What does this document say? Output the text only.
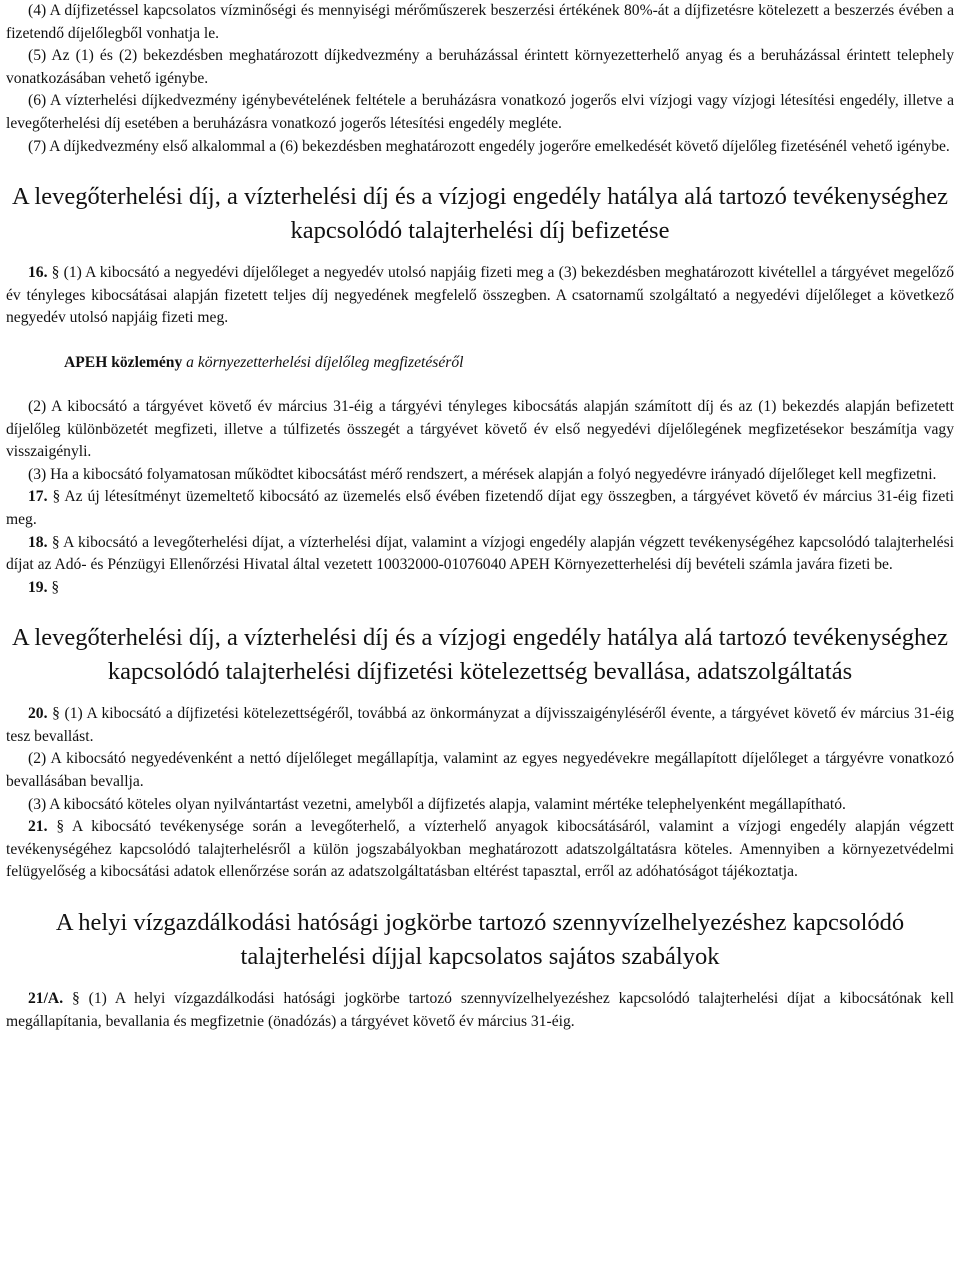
(4) A díjfizetéssel kapcsolatos vízminőségi és mennyiségi mérőműszerek beszerzési értékének 80%-át a díjfizetésre kötelezett a beszerzés évében a fizetendő díjelőlegből vonhatja le.

(5) Az (1) és (2) bekezdésben meghatározott díjkedvezmény a beruházással érintett környezetterhelő anyag és a beruházással érintett telephely vonatkozásában vehető igénybe.

(6) A vízterhelési díjkedvezmény igénybevételének feltétele a beruházásra vonatkozó jogerős elvi vízjogi vagy vízjogi létesítési engedély, illetve a levegőterhelési díj esetében a beruházásra vonatkozó jogerős létesítési engedély megléte.

(7) A díjkedvezmény első alkalommal a (6) bekezdésben meghatározott engedély jogerőre emelkedését követő díjelőleg fizetésénél vehető igénybe.

A levegőterhelési díj, a vízterhelési díj és a vízjogi engedély hatálya alá tartozó tevékenységhez kapcsolódó talajterhelési díj befizetése

16. § (1) A kibocsátó a negyedévi díjelőleget a negyedév utolsó napjáig fizeti meg a (3) bekezdésben meghatározott kivétellel a tárgyévet megelőző év tényleges kibocsátásai alapján fizetett teljes díj negyedének megfelelő összegben. A csatornamű szolgáltató a negyedévi díjelőleget a következő negyedév utolsó napjáig fizeti meg.

APEH közlemény a környezetterhelési díjelőleg megfizetéséről

(2) A kibocsátó a tárgyévet követő év március 31-éig a tárgyévi tényleges kibocsátás alapján számított díj és az (1) bekezdés alapján befizetett díjelőleg különbözetét megfizeti, illetve a túlfizetés összegét a tárgyévet követő év első negyedévi díjelőlegének megfizetésekor beszámítja vagy visszaigényli.

(3) Ha a kibocsátó folyamatosan működtet kibocsátást mérő rendszert, a mérések alapján a folyó negyedévre irányadó díjelőleget kell megfizetni.

17. § Az új létesítményt üzemeltető kibocsátó az üzemelés első évében fizetendő díjat egy összegben, a tárgyévet követő év március 31-éig fizeti meg.

18. § A kibocsátó a levegőterhelési díjat, a vízterhelési díjat, valamint a vízjogi engedély alapján végzett tevékenységéhez kapcsolódó talajterhelési díjat az Adó- és Pénzügyi Ellenőrzési Hivatal által vezetett 10032000-01076040 APEH Környezetterhelési díj bevételi számla javára fizeti be.

19. §

A levegőterhelési díj, a vízterhelési díj és a vízjogi engedély hatálya alá tartozó tevékenységhez kapcsolódó talajterhelési díjfizetési kötelezettség bevallása, adatszolgáltatás

20. § (1) A kibocsátó a díjfizetési kötelezettségéről, továbbá az önkormányzat a díjvisszaigényléséről évente, a tárgyévet követő év március 31-éig tesz bevallást.

(2) A kibocsátó negyedévenként a nettó díjelőleget megállapítja, valamint az egyes negyedévekre megállapított díjelőleget a tárgyévre vonatkozó bevallásában bevallja.

(3) A kibocsátó köteles olyan nyilvántartást vezetni, amelyből a díjfizetés alapja, valamint mértéke telephelyenként megállapítható.

21. § A kibocsátó tevékenysége során a levegőterhelő, a vízterhelő anyagok kibocsátásáról, valamint a vízjogi engedély alapján végzett tevékenységéhez kapcsolódó talajterhelésről a külön jogszabályokban meghatározott adatszolgáltatásra köteles. Amennyiben a környezetvédelmi felügyelőség a kibocsátási adatok ellenőrzése során az adatszolgáltatásban eltérést tapasztal, erről az adóhatóságot tájékoztatja.

A helyi vízgazdálkodási hatósági jogkörbe tartozó szennyvízelhelyezéshez kapcsolódó talajterhelési díjjal kapcsolatos sajátos szabályok

21/A. § (1) A helyi vízgazdálkodási hatósági jogkörbe tartozó szennyvízelhelyezéshez kapcsolódó talajterhelési díjat a kibocsátónak kell megállapítania, bevallania és megfizetnie (önadózás) a tárgyévet követő év március 31-éig.
